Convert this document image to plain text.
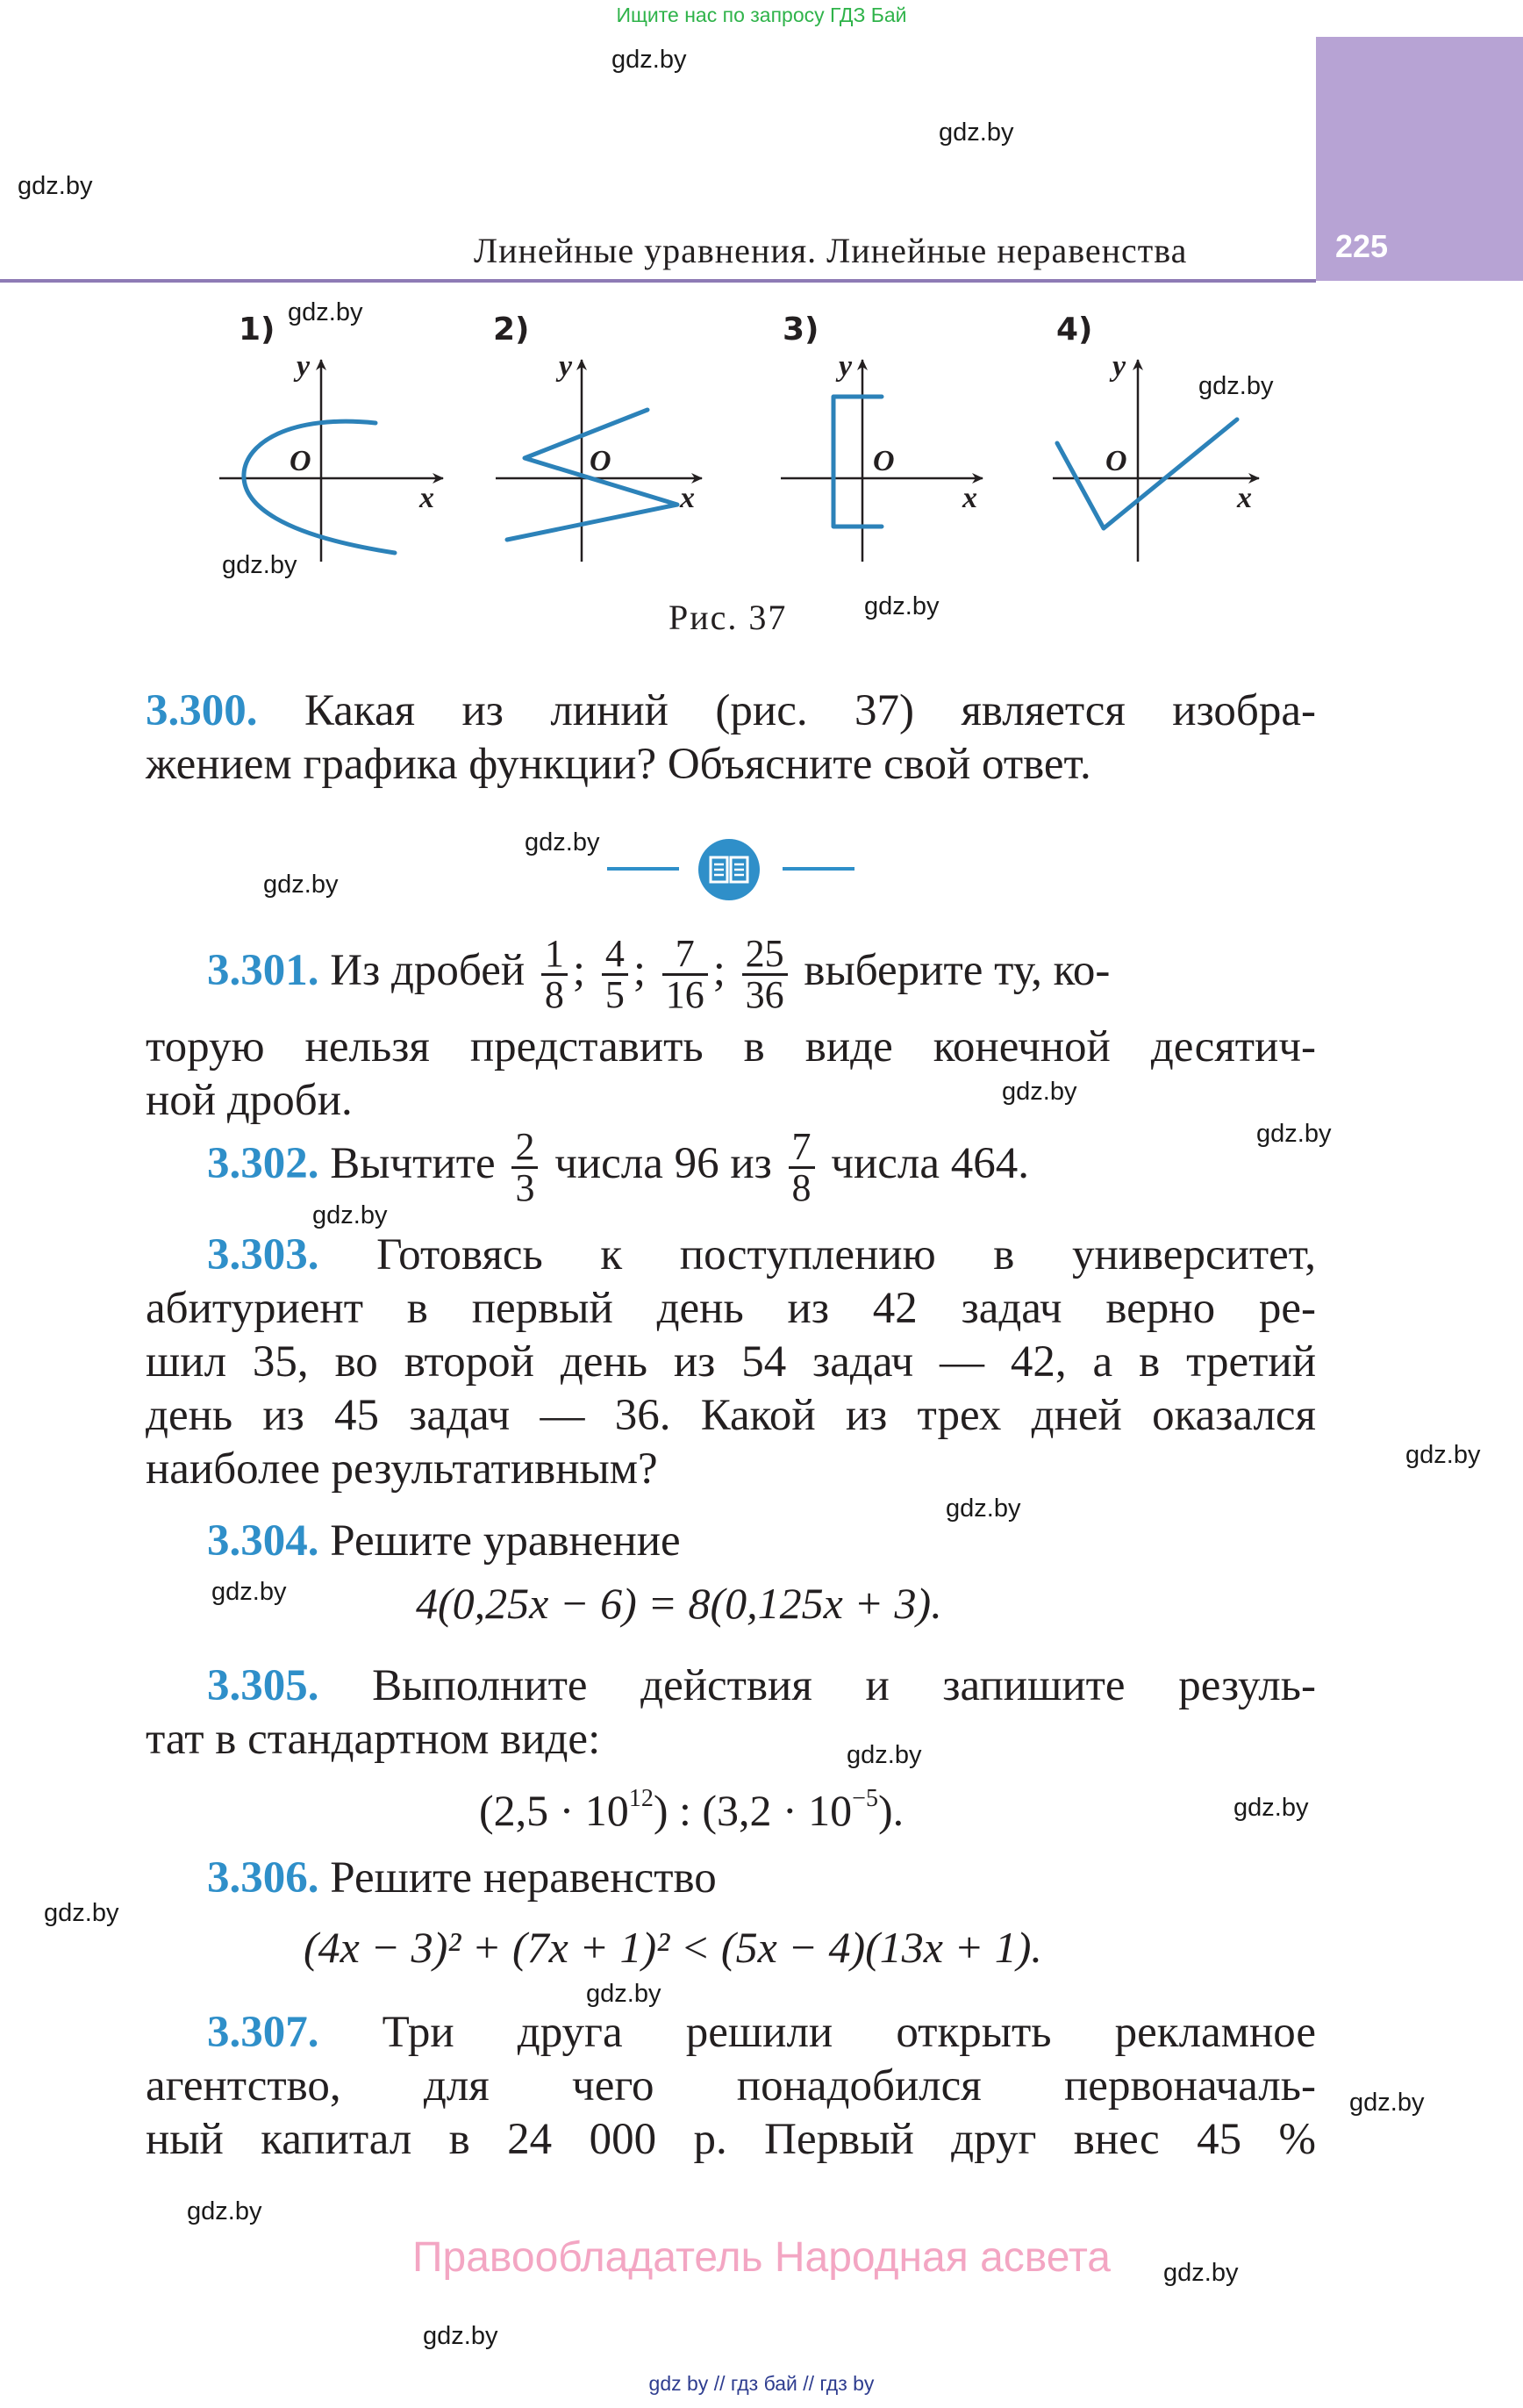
Ищите нас по запросу ГДЗ Бай
gdz.by
gdz.by
gdz.by
gdz.by
gdz.by
gdz.by
gdz.by
gdz.by
gdz.by
gdz.by
gdz.by
gdz.by
gdz.by
gdz.by
gdz.by
gdz.by
gdz.by
gdz.by
gdz.by
gdz.by
gdz.by
gdz.by
gdz.by
225
Линейные уравнения. Линейные неравенства
1)	2)	3)	4)
y
x
O
y
x
O
y
x
O
y
x
O
Рис. 37
3.300. Какая из линий (рис. 37) является изобра-
жением графика функции? Объясните свой ответ.
3.301. Из дробей $\frac{1}{8}$ ; $\frac{4}{5}$ ; $\frac{7}{16}$ ; $\frac{25}{36}$ выберите ту, ко-
торую нельзя представить в виде конечной десятич-
ной дроби.
3.302. Вычтите $\frac{2}{3}$ числа 96 из $\frac{7}{8}$ числа 464.
3.303. Готовясь к поступлению в университет,
абитуриент в первый день из 42 задач верно ре-
шил 35, во второй день из 54 задач — 42, а в третий
день из 45 задач — 36. Какой из трех дней оказался
наиболее результативным?
3.304. Решите уравнение
4(0,25x − 6) = 8(0,125x + 3).
3.305. Выполните действия и запишите резуль-
тат в стандартном виде:
$(2,5 \cdot 10^{12})$ : $(3,2 \cdot 10^{-5})$.
3.306. Решите неравенство
(4x − 3)² + (7x + 1)² < (5x − 4)(13x + 1).
3.307. Три друга решили открыть рекламное
агентство, для чего понадобился первоначаль-
ный капитал в 24 000 р. Первый друг внес 45 %
Правообладатель Народная асвета
gdz by // гдз бай // гдз by
